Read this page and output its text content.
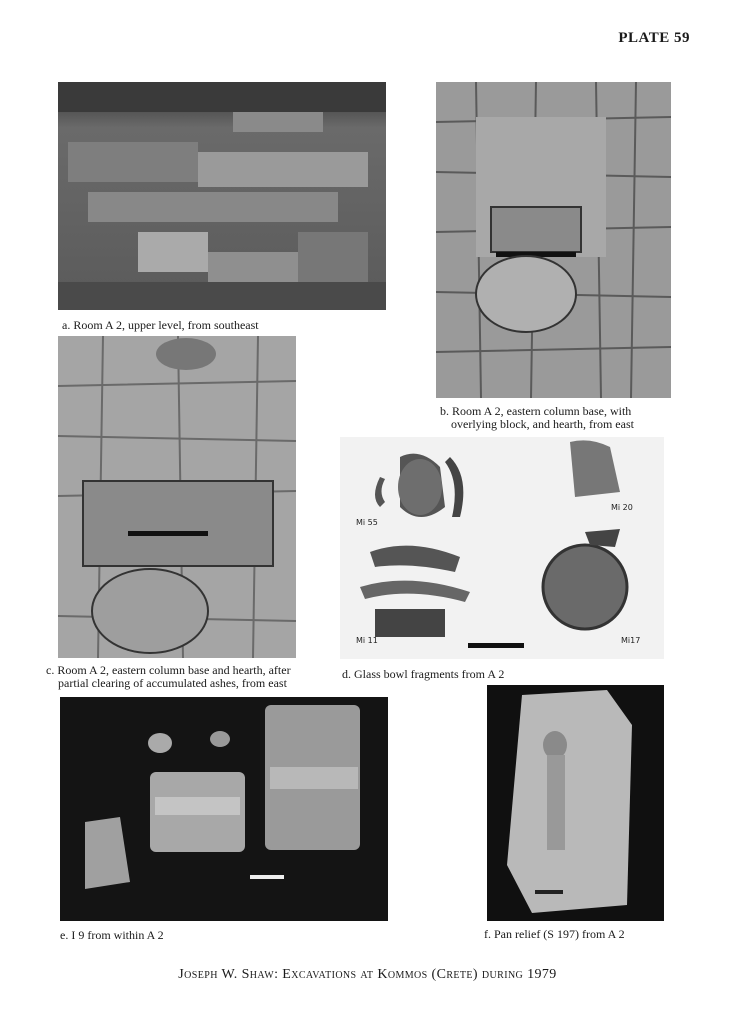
PLATE 59
a. Room A 2, upper level, from southeast
b. Room A 2, eastern column base, with
overlying block, and hearth, from east
c. Room A 2, eastern column base and hearth, after
partial clearing of accumulated ashes, from east
Mi 55
Mi 20
Mi 11	Mi17
d. Glass bowl fragments from A 2
e. I 9 from within A 2	f. Pan relief (S 197) from A 2
Joseph W. Shaw: Excavations at Kommos (Crete) during 1979
